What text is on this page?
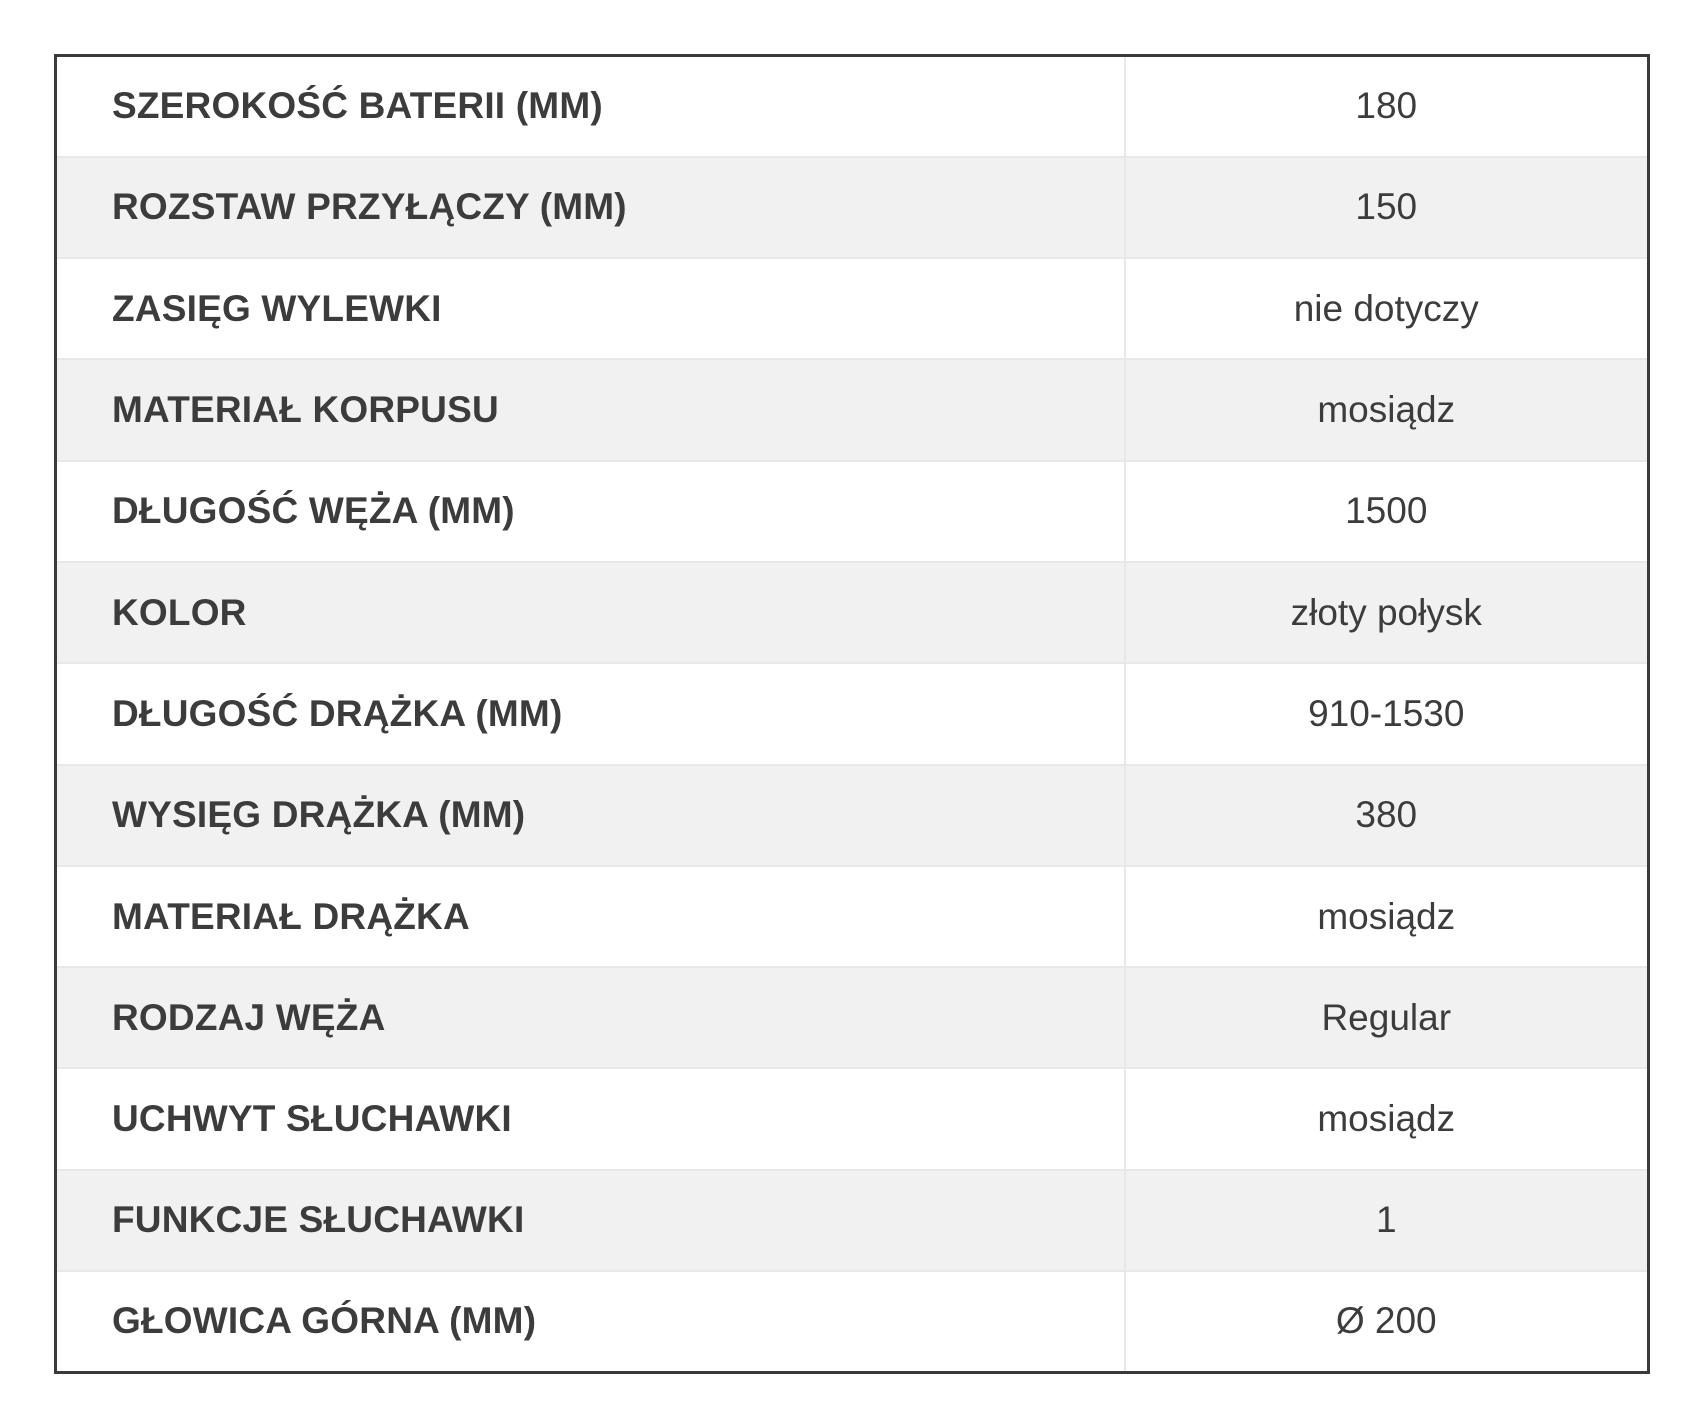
SZEROKOŚĆ BATERII (MM)	180
ROZSTAW PRZYŁĄCZY (MM)	150
ZASIĘG WYLEWKI	nie dotyczy
MATERIAŁ KORPUSU	mosiądz
DŁUGOŚĆ WĘŻA (MM)	1500
KOLOR	złoty połysk
DŁUGOŚĆ DRĄŻKA (MM)	910-1530
WYSIĘG DRĄŻKA (MM)	380
MATERIAŁ DRĄŻKA	mosiądz
RODZAJ WĘŻA	Regular
UCHWYT SŁUCHAWKI	mosiądz
FUNKCJE SŁUCHAWKI	1
GŁOWICA GÓRNA (MM)	Ø 200
